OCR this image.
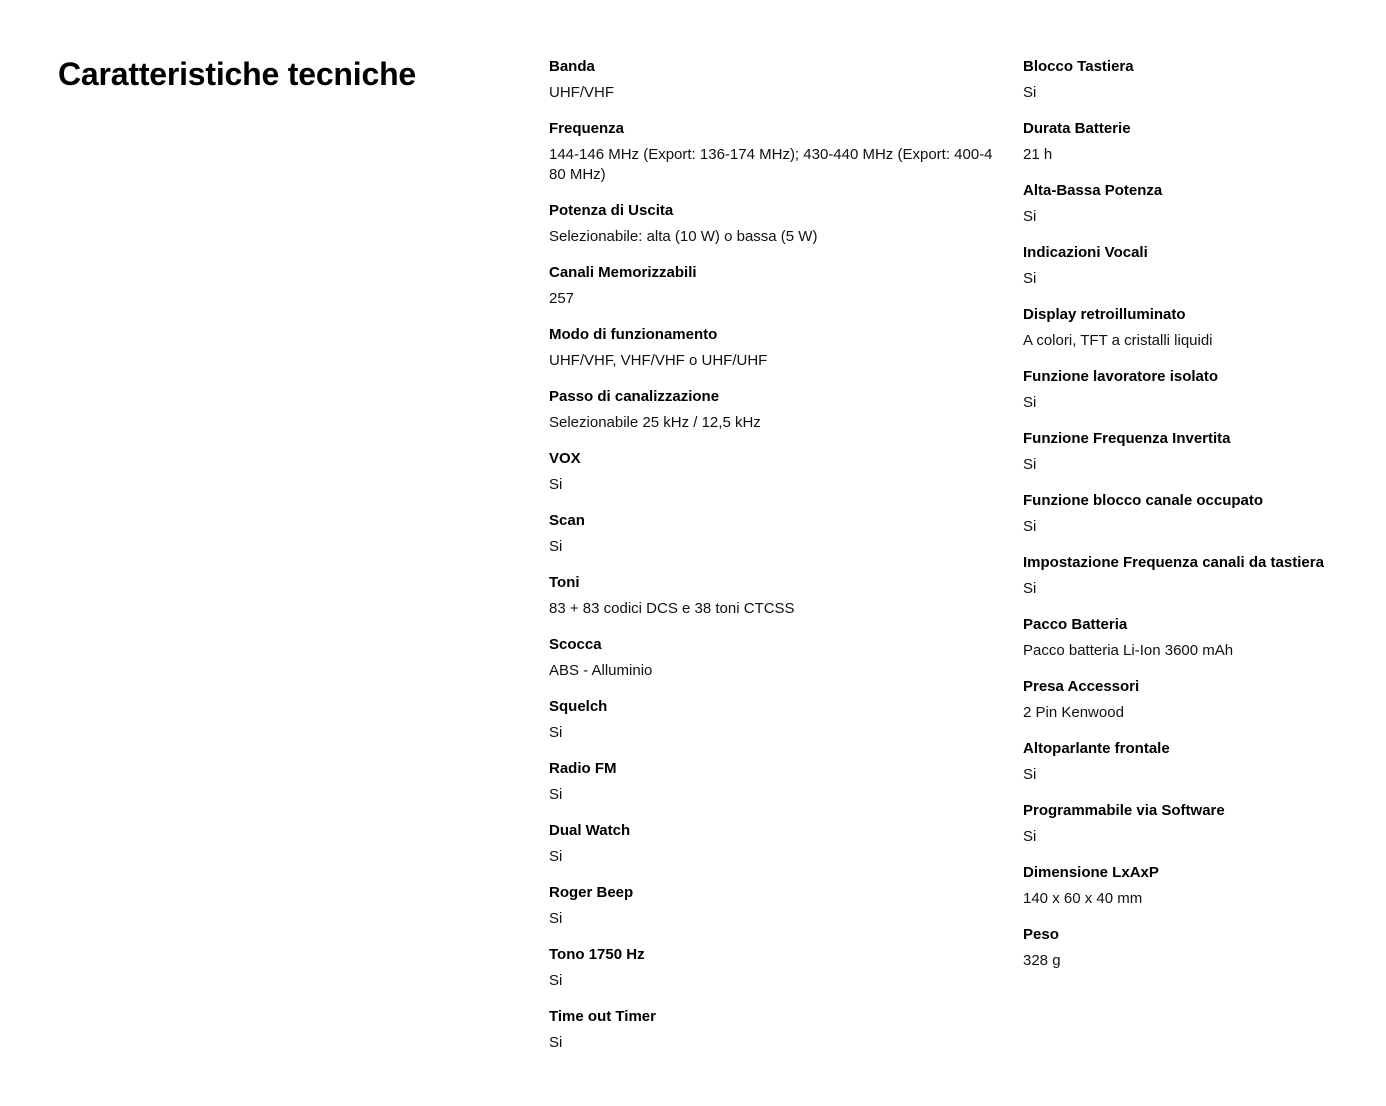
Caratteristiche tecniche	Banda
UHF/VHF
Frequenza
144-146 MHz (Export: 136-174 MHz); 430-440 MHz (Export: 400-480 MHz)
Potenza di Uscita
Selezionabile: alta (10 W) o bassa (5 W)
Canali Memorizzabili
257
Modo di funzionamento
UHF/VHF, VHF/VHF o UHF/UHF
Passo di canalizzazione
Selezionabile 25 kHz / 12,5 kHz
VOX
Si
Scan
Si
Toni
83 + 83 codici DCS e 38 toni CTCSS
Scocca
ABS - Alluminio
Squelch
Si
Radio FM
Si
Dual Watch
Si
Roger Beep
Si
Tono 1750 Hz
Si
Time out Timer
Si
Blocco Tastiera
Si
Durata Batterie
21 h
Alta-Bassa Potenza
Si
Indicazioni Vocali
Si
Display retroilluminato
A colori, TFT a cristalli liquidi
Funzione lavoratore isolato
Si
Funzione Frequenza Invertita
Si
Funzione blocco canale occupato
Si
Impostazione Frequenza canali da tastiera
Si
Pacco Batteria
Pacco batteria Li-Ion 3600 mAh
Presa Accessori
2 Pin Kenwood
Altoparlante frontale
Si
Programmabile via Software
Si
Dimensione LxAxP
140 x 60 x 40 mm
Peso
328 g
